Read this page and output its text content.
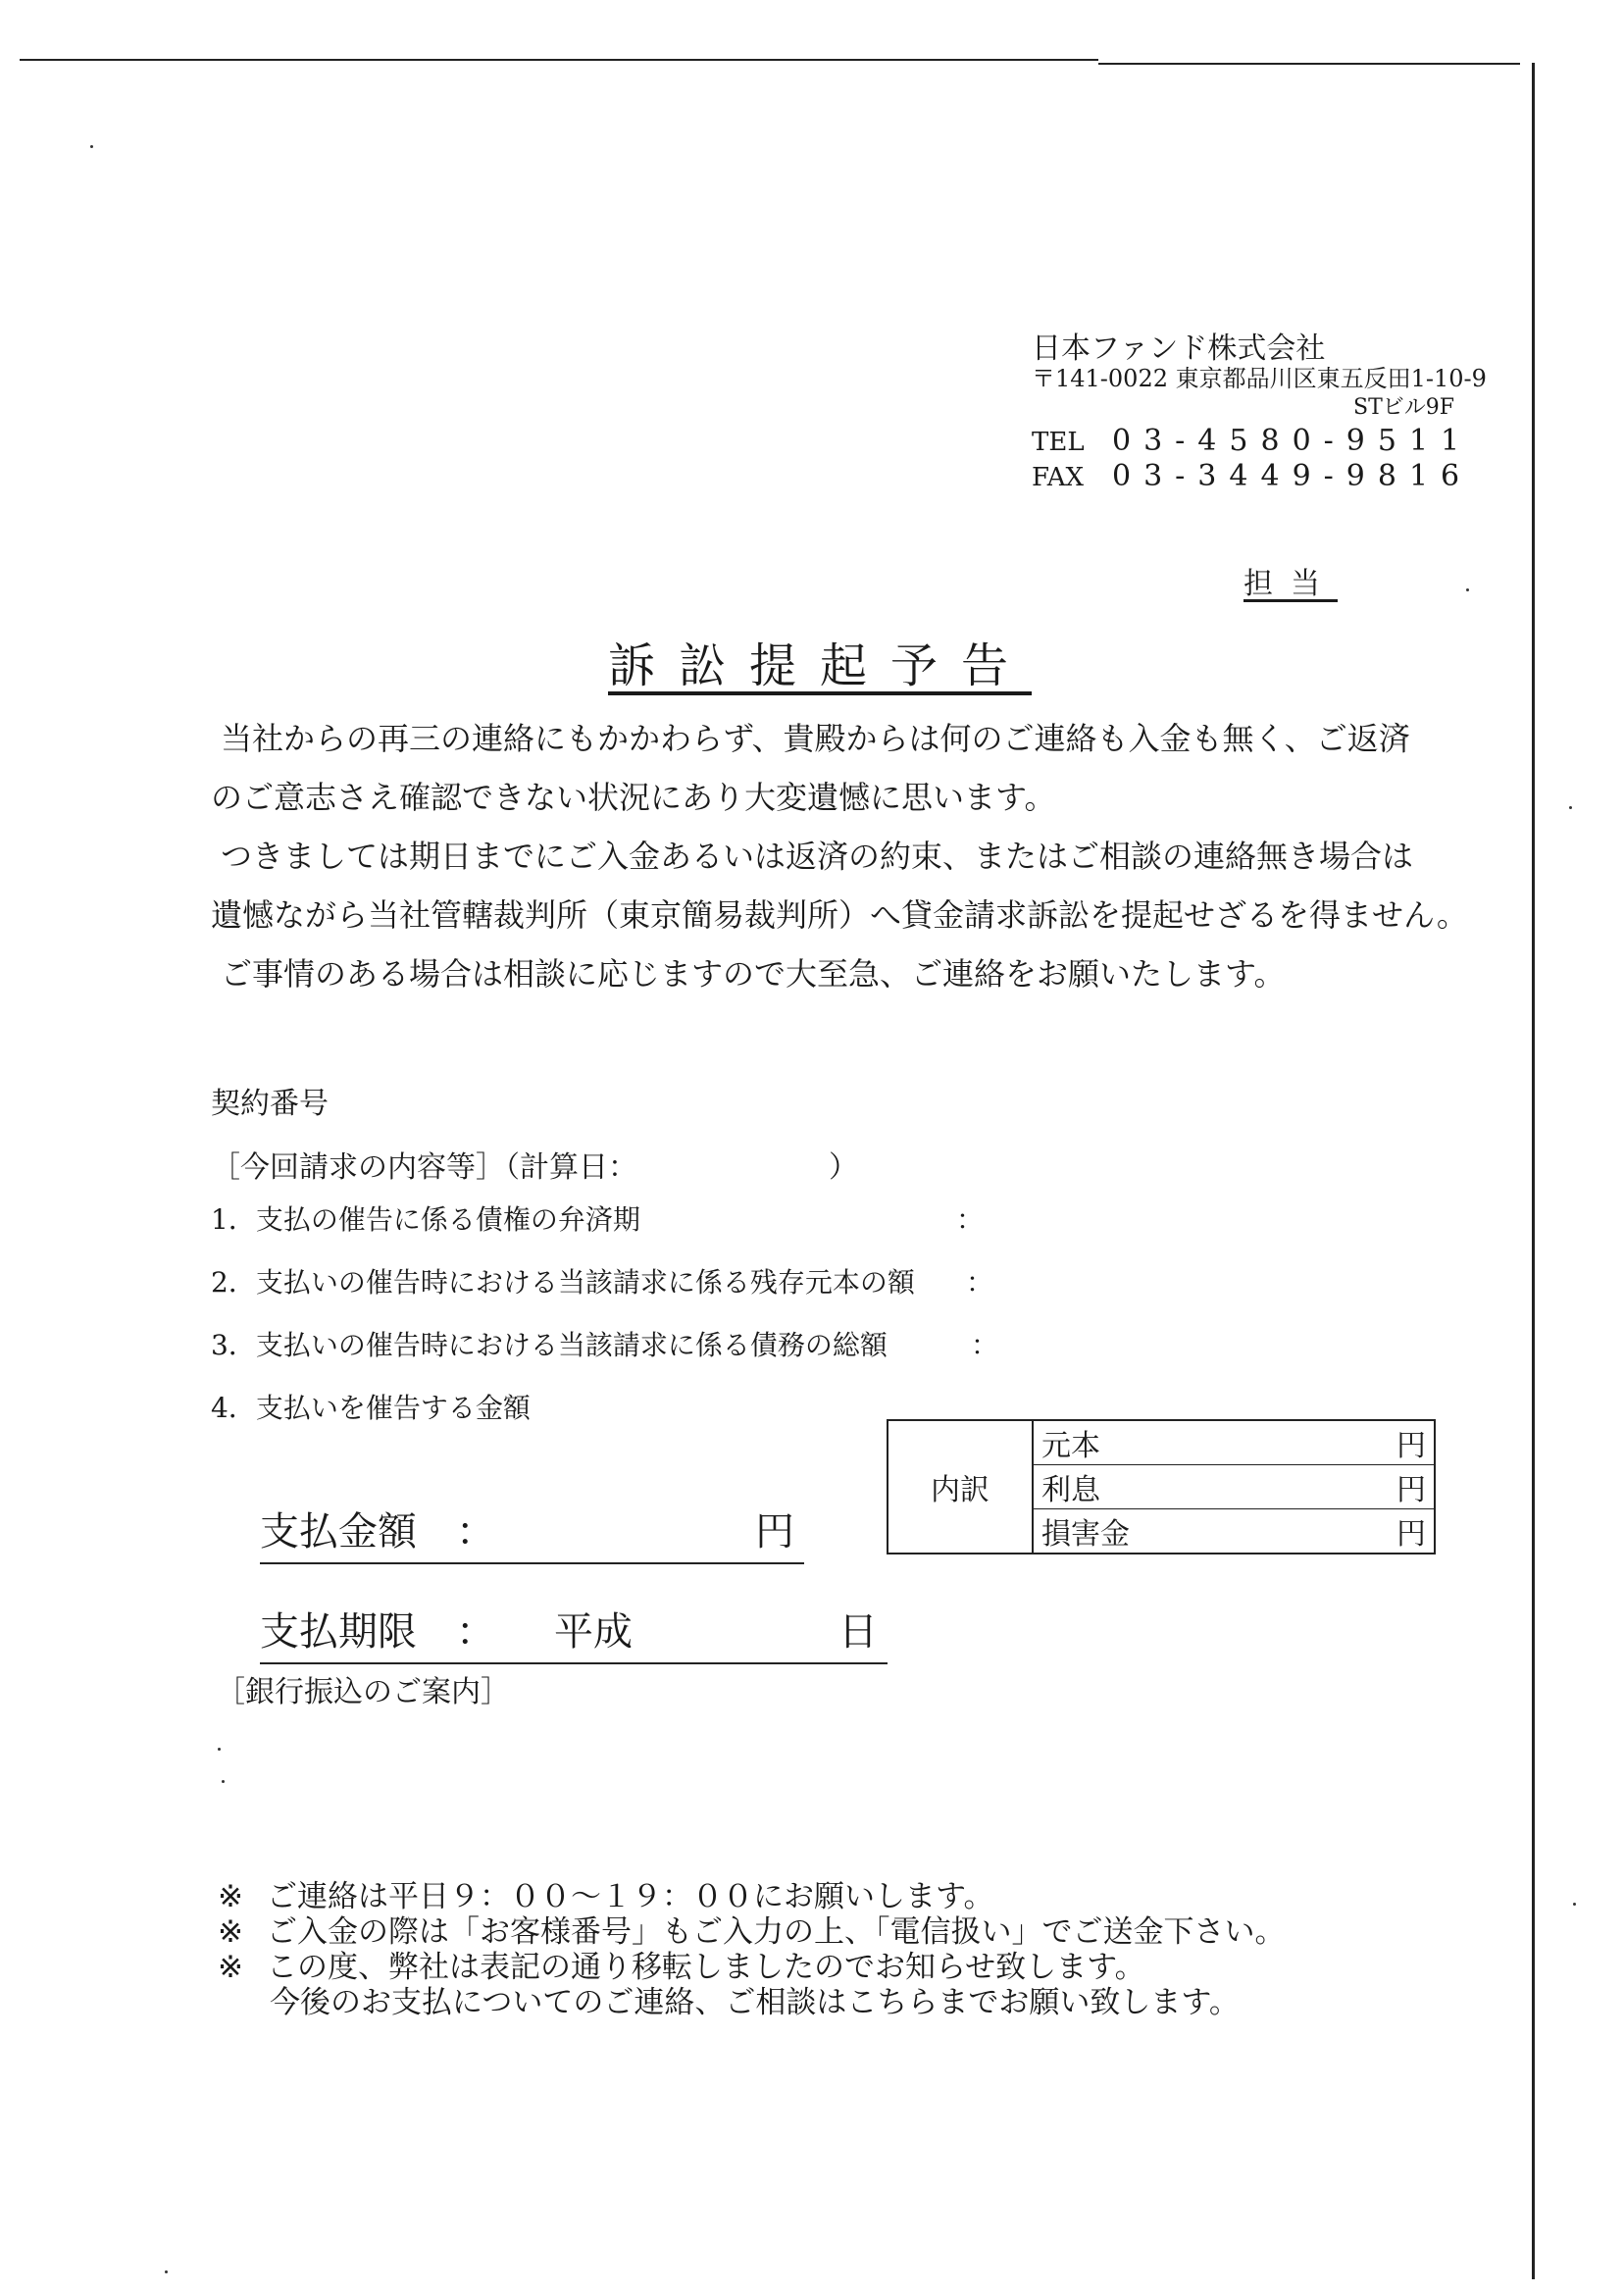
日本ファンド株式会社
〒141-0022 東京都品川区東五反田1-10-9
STビル9F
TEL 03-4580-9511
FAX 03-3449-9816
担当
訴訟提起予告
当社からの再三の連絡にもかかわらず、貴殿からは何のご連絡も入金も無く、ご返済
のご意志さえ確認できない状況にあり大変遺憾に思います。
つきましては期日までにご入金あるいは返済の約束、またはご相談の連絡無き場合は
遺憾ながら当社管轄裁判所（東京簡易裁判所）へ貸金請求訴訟を提起せざるを得ません。
ご事情のある場合は相談に応じますので大至急、ご連絡をお願いたします。
契約番号
［今回請求の内容等］（計算日：　　　　　　　）
1．支払の催告に係る債権の弁済期	：
2．支払いの催告時における当該請求に係る残存元本の額 ：
3．支払いの催告時における当該請求に係る債務の総額	：
4．支払いを催告する金額
内訳	元本	円
	利息	円
	損害金	円
支払金額　：	円
支払期限　： 平成	日
［銀行振込のご案内］
※ ご連絡は平日９：００～１９：００にお願いします。
※ ご入金の際は「お客様番号」もご入力の上、「電信扱い」でご送金下さい。
※ この度、弊社は表記の通り移転しましたのでお知らせ致します。
今後のお支払についてのご連絡、ご相談はこちらまでお願い致します。
